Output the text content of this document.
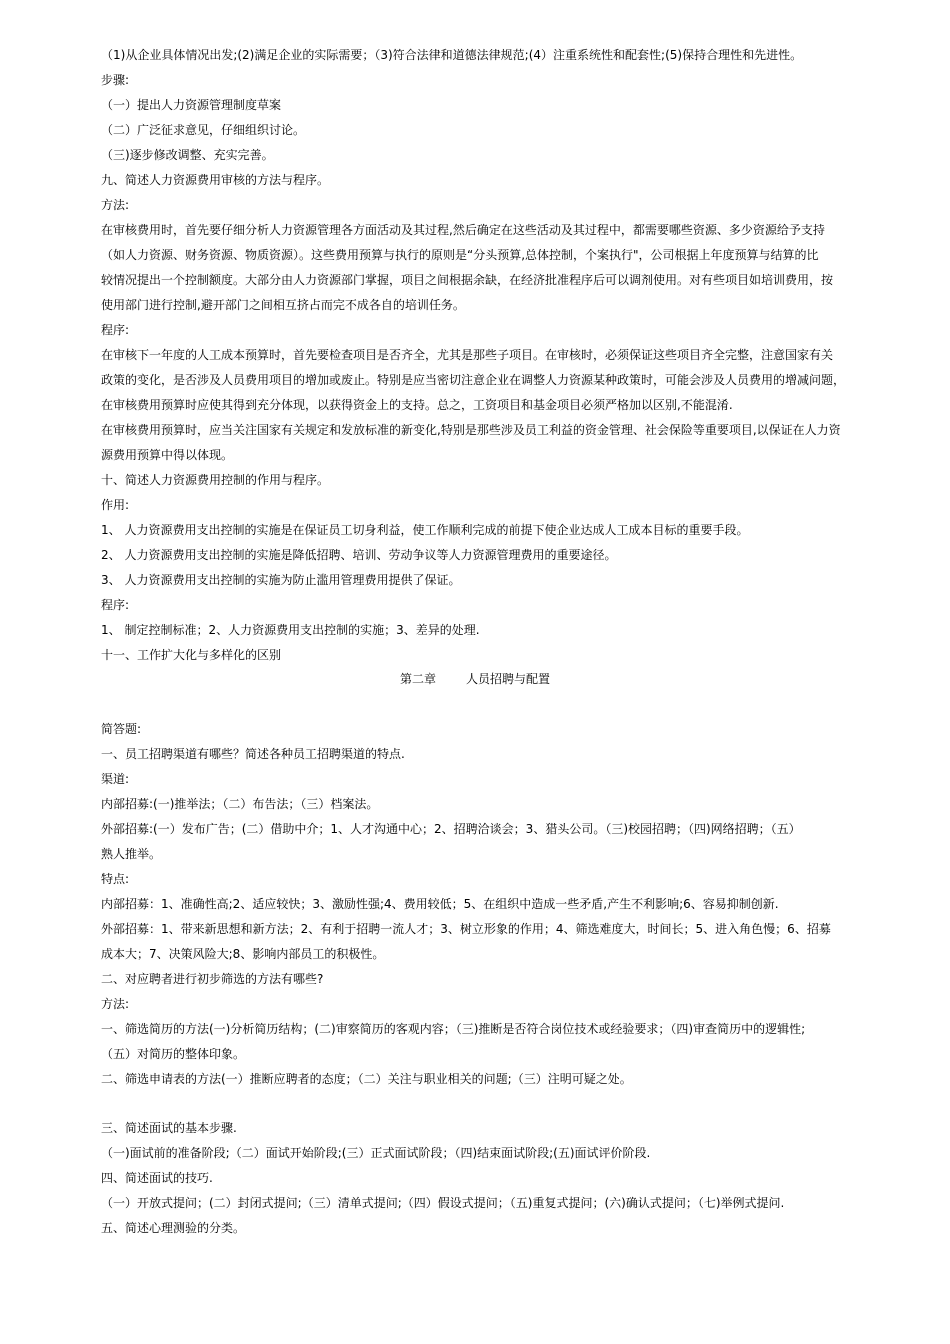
（1)从企业具体情况出发;(2)满足企业的实际需要；（3)符合法律和道德法律规范;(4）注重系统性和配套性;(5)保持合理性和先进性。
步骤:
（一）提出人力资源管理制度草案
（二）广泛征求意见，仔细组织讨论。
（三)逐步修改调整、充实完善。
九、简述人力资源费用审核的方法与程序。
方法:
在审核费用时，首先要仔细分析人力资源管理各方面活动及其过程,然后确定在这些活动及其过程中，都需要哪些资源、多少资源给予支持
（如人力资源、财务资源、物质资源）。这些费用预算与执行的原则是“分头预算,总体控制，个案执行"，公司根据上年度预算与结算的比
较情况提出一个控制额度。大部分由人力资源部门掌握，项目之间根据余缺，在经济批准程序后可以调剂使用。对有些项目如培训费用，按
使用部门进行控制,避开部门之间相互挤占而完不成各自的培训任务。
程序:
在审核下一年度的人工成本预算时，首先要检查项目是否齐全，尤其是那些子项目。在审核时，必须保证这些项目齐全完整，注意国家有关
政策的变化，是否涉及人员费用项目的增加或废止。特别是应当密切注意企业在调整人力资源某种政策时，可能会涉及人员费用的增减问题，
在审核费用预算时应使其得到充分体现，以获得资金上的支持。总之，工资项目和基金项目必须严格加以区别,不能混淆.
在审核费用预算时，应当关注国家有关规定和发放标准的新变化,特别是那些涉及员工利益的资金管理、社会保险等重要项目,以保证在人力资
源费用预算中得以体现。
十、简述人力资源费用控制的作用与程序。
作用:
1、 人力资源费用支出控制的实施是在保证员工切身利益，使工作顺利完成的前提下使企业达成人工成本目标的重要手段。
2、 人力资源费用支出控制的实施是降低招聘、培训、劳动争议等人力资源管理费用的重要途径。
3、 人力资源费用支出控制的实施为防止滥用管理费用提供了保证。
程序:
1、 制定控制标准；2、人力资源费用支出控制的实施；3、差异的处理.
十一、工作扩大化与多样化的区别
第二章	人员招聘与配置
简答题:
一、员工招聘渠道有哪些？简述各种员工招聘渠道的特点.
渠道:
内部招募:(一)推举法；（二）布告法；（三）档案法。
外部招募:(一）发布广告；(二）借助中介；1、人才沟通中心；2、招聘洽谈会；3、猎头公司。（三)校园招聘；（四)网络招聘；（五）
熟人推举。
特点:
内部招募：1、准确性高;2、适应较快；3、激励性强;4、费用较低；5、在组织中造成一些矛盾,产生不利影响;6、容易抑制创新.
外部招募：1、带来新思想和新方法；2、有利于招聘一流人才；3、树立形象的作用；4、筛选难度大，时间长；5、进入角色慢；6、招募
成本大；7、决策风险大;8、影响内部员工的积极性。
二、对应聘者进行初步筛选的方法有哪些?
方法:
一、筛选简历的方法(一)分析简历结构；(二)审察简历的客观内容；（三)推断是否符合岗位技术或经验要求；（四)审查简历中的逻辑性;
（五）对简历的整体印象。
二、筛选申请表的方法(一）推断应聘者的态度；（二）关注与职业相关的问题;（三）注明可疑之处。
三、简述面试的基本步骤.
（一)面试前的准备阶段;（二）面试开始阶段;(三）正式面试阶段；（四)结束面试阶段;(五)面试评价阶段.
四、简述面试的技巧.
（一）开放式提问；(二）封闭式提问;（三）清单式提问;（四）假设式提问；（五)重复式提问；(六)确认式提问；（七)举例式提问.
五、简述心理测验的分类。
